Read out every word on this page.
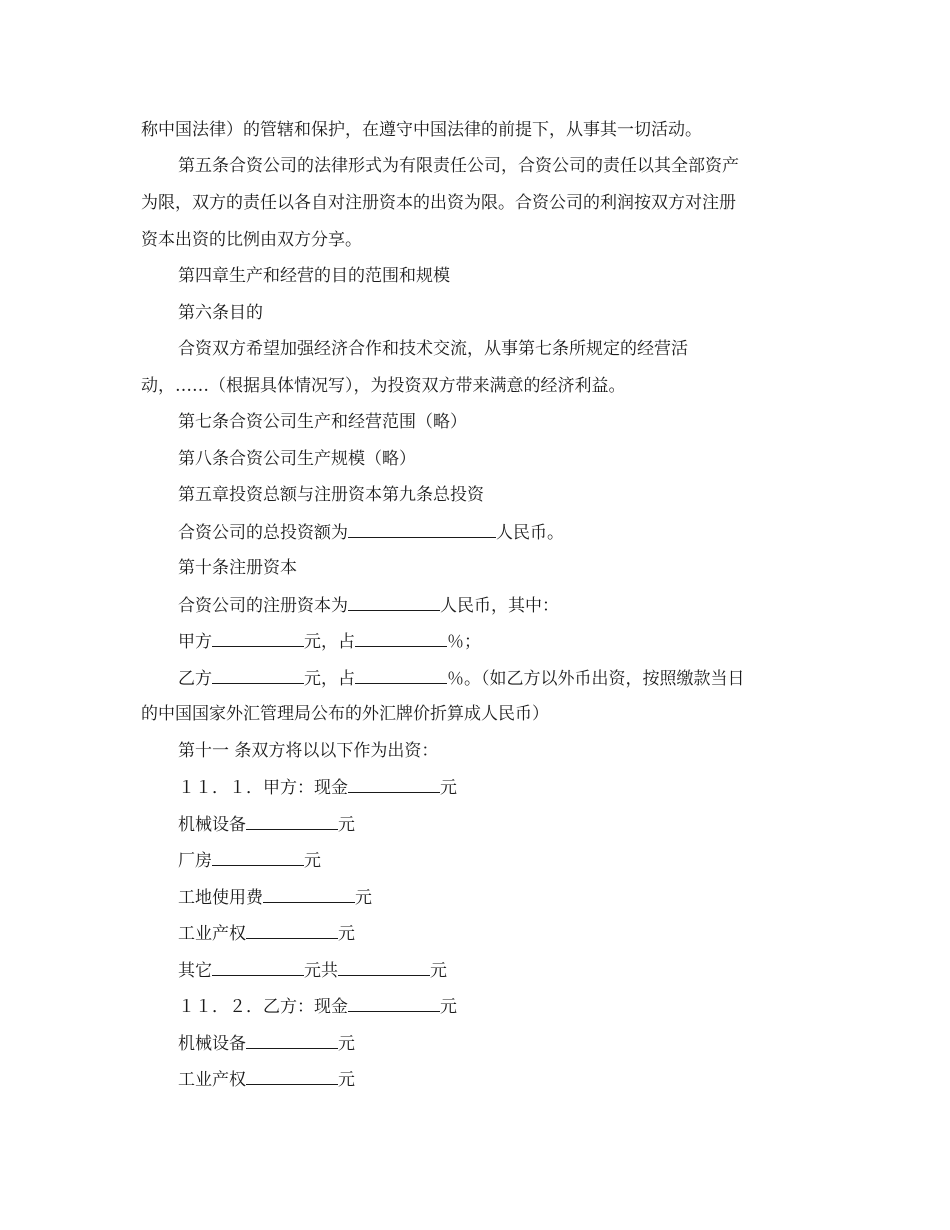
称中国法律）的管辖和保护，在遵守中国法律的前提下，从事其一切活动。
第五条合资公司的法律形式为有限责任公司，合资公司的责任以其全部资产
为限，双方的责任以各自对注册资本的出资为限。合资公司的利润按双方对注册
资本出资的比例由双方分享。
第四章生产和经营的目的范围和规模
第六条目的
合资双方希望加强经济合作和技术交流，从事第七条所规定的经营活
动，……（根据具体情况写），为投资双方带来满意的经济利益。
第七条合资公司生产和经营范围（略）
第八条合资公司生产规模（略）
第五章投资总额与注册资本第九条总投资
合资公司的总投资额为	人民币。
第十条注册资本
合资公司的注册资本为	人民币，其中：
甲方	元，占	％；
乙方	元，占	％。（如乙方以外币出资，按照缴款当日
的中国国家外汇管理局公布的外汇牌价折算成人民币）
第十一 条双方将以以下作为出资：
１１．１．甲方：现金	元
机械设备	元
厂房	元
工地使用费	元
工业产权	元
其它	元共	元
１１．２．乙方：现金	元
机械设备	元
工业产权	元
